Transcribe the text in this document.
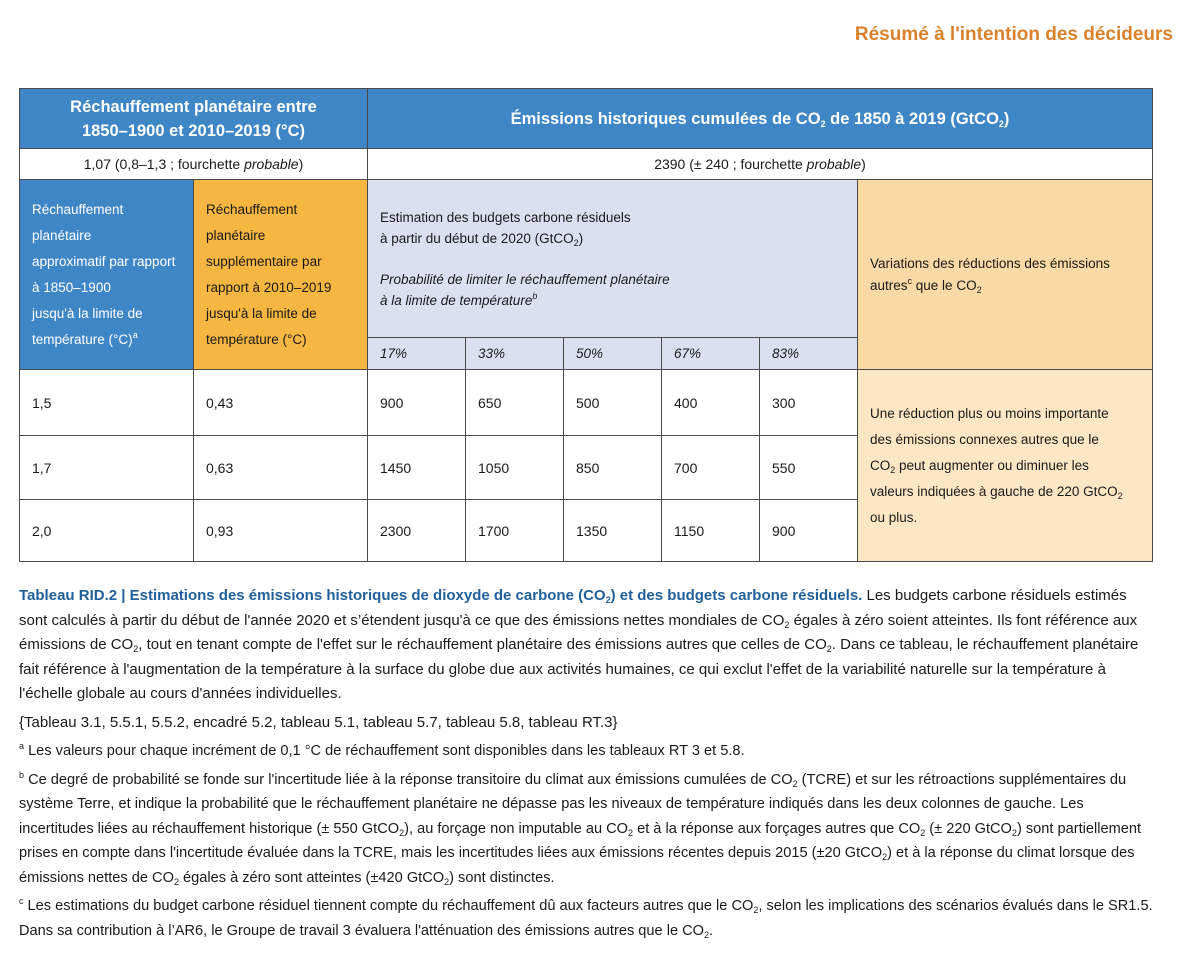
Résumé à l'intention des décideurs
Réchauffement planétaire entre
1850–1900 et 2010–2019 (°C)		Émissions historiques cumulées de $CO_2$ de 1850 à 2019 (GtCO$_2$)					
1,07 (0,8–1,3 ; fourchette probable)		2390 (± 240 ; fourchette probable)					
Réchauffement planétaire
approximatif par rapport
à 1850–1900
jusqu'à la limite de
température $(^\circ C)^a$	Réchauffement planétaire
supplémentaire par
rapport à 2010–2019
jusqu'à la limite de
température (°C)	Estimation des budgets carbone résiduels
à partir du début de 2020 (GtCO$_2$)
Probabilité de limiter le réchauffement planétaire
à la limite de température$^b$					Variations des réductions des émissions
autres$^c$ que le $CO_2$
		17%	33%	50%	67%	83%	
1,5	0,43	900	650	500	400	300	Une réduction plus ou moins importante
des émissions connexes autres que le
$CO_2$ peut augmenter ou diminuer les
valeurs indiquées à gauche de 220 GtCO$_2$
ou plus.
1,7	0,63	1450	1050	850	700	550	
2,0	0,93	2300	1700	1350	1150	900	

Tableau RID.2 | Estimations des émissions historiques de dioxyde de carbone $(CO_2)$ et des budgets carbone résiduels. Les budgets carbone résiduels estimés sont calculés à partir du début de l'année 2020 et s’étendent jusqu'à ce que des émissions nettes mondiales de $CO_2$ égales à zéro soient atteintes. Ils font référence aux émissions de $CO_2$, tout en tenant compte de l'effet sur le réchauffement planétaire des émissions autres que celles de $CO_2$. Dans ce tableau, le réchauffement planétaire fait référence à l'augmentation de la température à la surface du globe due aux activités humaines, ce qui exclut l'effet de la variabilité naturelle sur la température à l'échelle globale au cours d'années individuelles.

{Tableau 3.1, 5.5.1, 5.5.2, encadré 5.2, tableau 5.1, tableau 5.7, tableau 5.8, tableau RT.3}

$^a$ Les valeurs pour chaque incrément de 0,1 °C de réchauffement sont disponibles dans les tableaux RT 3 et 5.8.

$^b$ Ce degré de probabilité se fonde sur l'incertitude liée à la réponse transitoire du climat aux émissions cumulées de $CO_2$ (TCRE) et sur les rétroactions supplémentaires du système Terre, et indique la probabilité que le réchauffement planétaire ne dépasse pas les niveaux de température indiqués dans les deux colonnes de gauche. Les incertitudes liées au réchauffement historique (± 550 GtCO$_2$), au forçage non imputable au $CO_2$ et à la réponse aux forçages autres que $CO_2$ (± 220 GtCO$_2$) sont partiellement prises en compte dans l'incertitude évaluée dans la TCRE, mais les incertitudes liées aux émissions récentes depuis 2015 (±20 GtCO$_2$) et à la réponse du climat lorsque des émissions nettes de $CO_2$ égales à zéro sont atteintes (±420 GtCO$_2$) sont distinctes.

$^c$ Les estimations du budget carbone résiduel tiennent compte du réchauffement dû aux facteurs autres que le $CO_2$, selon les implications des scénarios évalués dans le SR1.5. Dans sa contribution à l’AR6, le Groupe de travail 3 évaluera l'atténuation des émissions autres que le $CO_2$.
